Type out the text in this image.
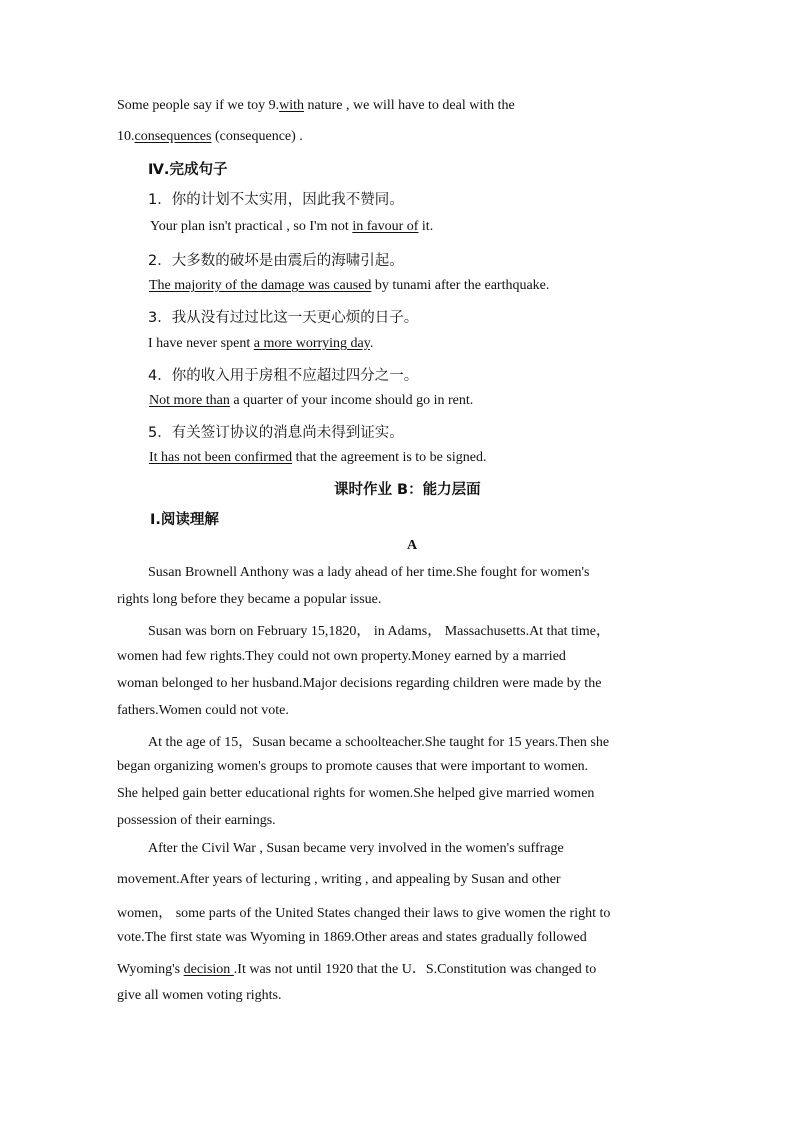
Some people say if we toy 9.with nature , we will have to deal with the
10.consequences (consequence) .
Ⅳ.完成句子
1．你的计划不太实用，因此我不赞同。
Your plan isn't practical , so I'm not in favour of it.
2．大多数的破坏是由震后的海啸引起。
The majority of the damage was caused by tunami after the earthquake.
3．我从没有过过比这一天更心烦的日子。
I have never spent a more worrying day.
4．你的收入用于房租不应超过四分之一。
Not more than a quarter of your income should go in rent.
5．有关签订协议的消息尚未得到证实。
It has not been confirmed that the agreement is to be signed.
课时作业 B：能力层面
Ⅰ.阅读理解
A
Susan Brownell Anthony was a lady ahead of her time.She fought for women's
rights long before they became a popular issue.
Susan was born on February 15,1820， in Adams， Massachusetts.At that time，
women had few rights.They could not own property.Money earned by a married
woman belonged to her husband.Major decisions regarding children were made by the
fathers.Women could not vote.
At the age of 15，Susan became a schoolteacher.She taught for 15 years.Then she
began organizing women's groups to promote causes that were important to women.
She helped gain better educational rights for women.She helped give married women
possession of their earnings.
After the Civil War , Susan became very involved in the women's suffrage
movement.After years of lecturing , writing , and appealing by Susan and other
women， some parts of the United States changed their laws to give women the right to
vote.The first state was Wyoming in 1869.Other areas and states gradually followed
Wyoming's decision .It was not until 1920 that the U．S.Constitution was changed to
give all women voting rights.
